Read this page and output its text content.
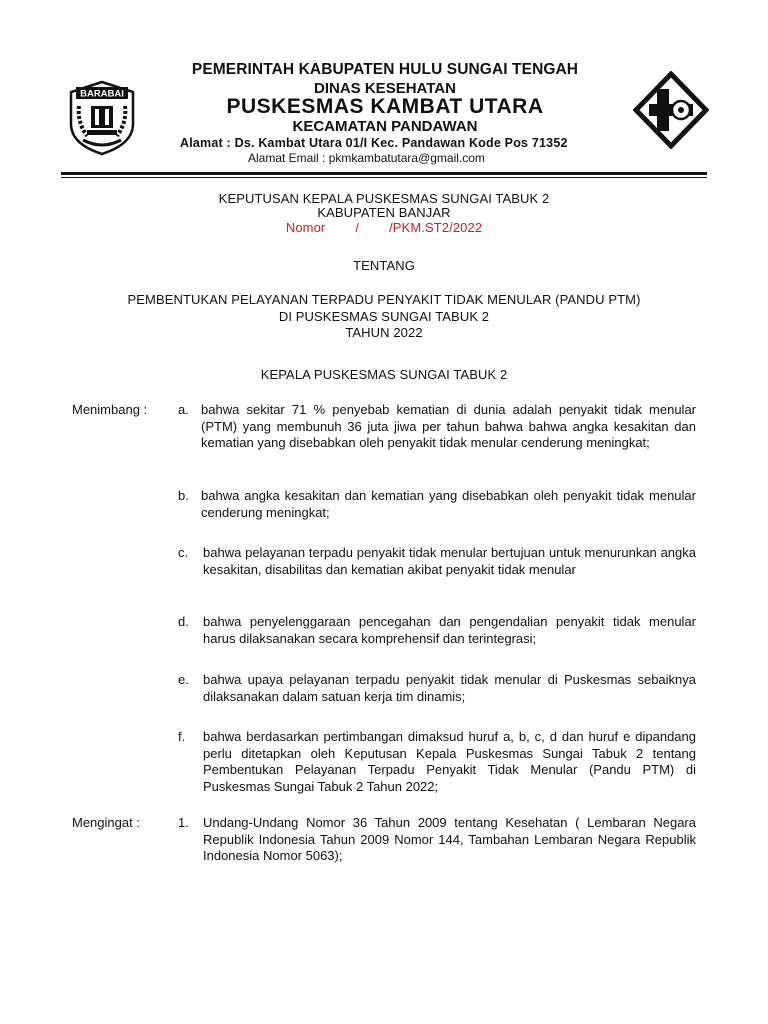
BARABAI
PEMERINTAH KABUPATEN HULU SUNGAI TENGAH
DINAS KESEHATAN
PUSKESMAS KAMBAT UTARA
KECAMATAN PANDAWAN
Alamat : Ds. Kambat Utara 01/I Kec. Pandawan Kode Pos 71352
Alamat Email : pkmkambatutara@gmail.com
KEPUTUSAN KEPALA PUSKESMAS SUNGAI TABUK 2
KABUPATEN BANJAR
Nomor / /PKM.ST2/2022
TENTANG
PEMBENTUKAN PELAYANAN TERPADU PENYAKIT TIDAK MENULAR (PANDU PTM)
DI PUSKESMAS SUNGAI TABUK 2
TAHUN 2022
KEPALA PUSKESMAS SUNGAI TABUK 2
Menimbang : a. bahwa sekitar 71 % penyebab kematian di dunia adalah penyakit tidak menular (PTM) yang membunuh 36 juta jiwa per tahun bahwa bahwa angka kesakitan dan kematian yang disebabkan oleh penyakit tidak menular cenderung meningkat;
b. bahwa angka kesakitan dan kematian yang disebabkan oleh penyakit tidak menular cenderung meningkat;
c. bahwa pelayanan terpadu penyakit tidak menular bertujuan untuk menurunkan angka kesakitan, disabilitas dan kematian akibat penyakit tidak menular
d. bahwa penyelenggaraan pencegahan dan pengendalian penyakit tidak menular harus dilaksanakan secara komprehensif dan terintegrasi;
e. bahwa upaya pelayanan terpadu penyakit tidak menular di Puskesmas sebaiknya dilaksanakan dalam satuan kerja tim dinamis;
f. bahwa berdasarkan pertimbangan dimaksud huruf a, b, c, d dan huruf e dipandang perlu ditetapkan oleh Keputusan Kepala Puskesmas Sungai Tabuk 2 tentang Pembentukan Pelayanan Terpadu Penyakit Tidak Menular (Pandu PTM) di Puskesmas Sungai Tabuk 2 Tahun 2022;
Mengingat :	1. Undang-Undang Nomor 36 Tahun 2009 tentang Kesehatan ( Lembaran Negara Republik Indonesia Tahun 2009 Nomor 144, Tambahan Lembaran Negara Republik Indonesia Nomor 5063);
